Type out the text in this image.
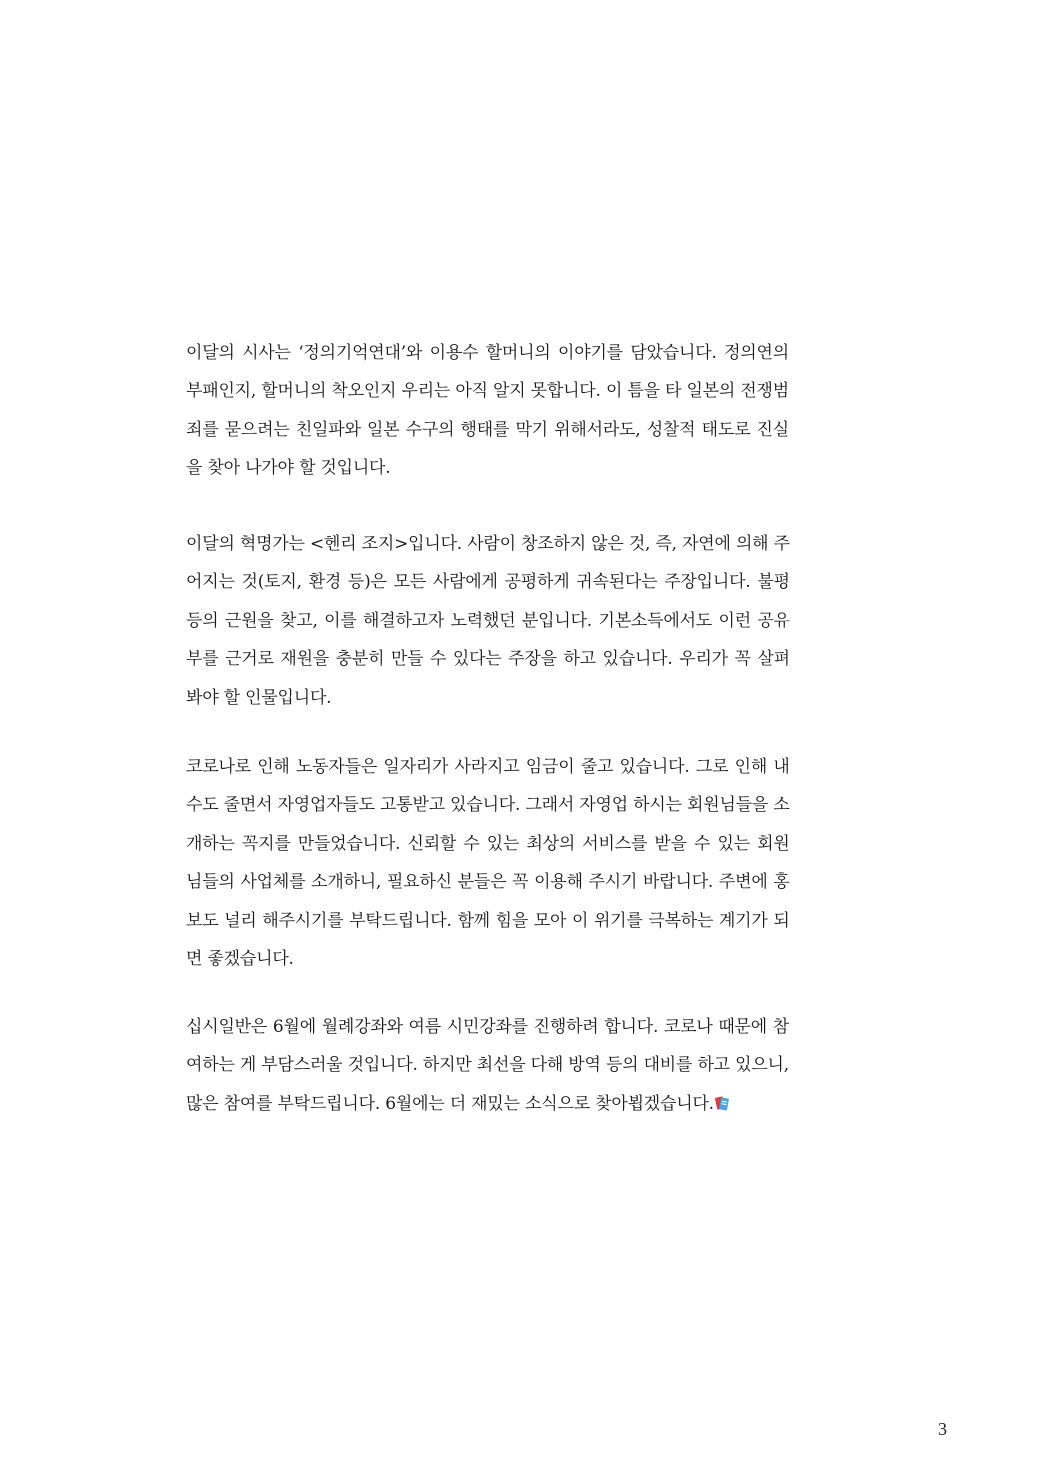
이달의 시사는 ‘정의기억연대’와 이용수 할머니의 이야기를 담았습니다. 정의연의
부패인지, 할머니의 착오인지 우리는 아직 알지 못합니다. 이 틈을 타 일본의 전쟁범
죄를 묻으려는 친일파와 일본 수구의 행태를 막기 위해서라도, 성찰적 태도로 진실
을 찾아 나가야 할 것입니다.

이달의 혁명가는 <헨리 조지>입니다. 사람이 창조하지 않은 것, 즉, 자연에 의해 주
어지는 것(토지, 환경 등)은 모든 사람에게 공평하게 귀속된다는 주장입니다. 불평
등의 근원을 찾고, 이를 해결하고자 노력했던 분입니다. 기본소득에서도 이런 공유
부를 근거로 재원을 충분히 만들 수 있다는 주장을 하고 있습니다. 우리가 꼭 살펴
봐야 할 인물입니다.

코로나로 인해 노동자들은 일자리가 사라지고 임금이 줄고 있습니다. 그로 인해 내
수도 줄면서 자영업자들도 고통받고 있습니다. 그래서 자영업 하시는 회원님들을 소
개하는 꼭지를 만들었습니다. 신뢰할 수 있는 최상의 서비스를 받을 수 있는 회원
님들의 사업체를 소개하니, 필요하신 분들은 꼭 이용해 주시기 바랍니다. 주변에 홍
보도 널리 해주시기를 부탁드립니다. 함께 힘을 모아 이 위기를 극복하는 계기가 되
면 좋겠습니다.

십시일반은 6월에 월례강좌와 여름 시민강좌를 진행하려 합니다. 코로나 때문에 참
여하는 게 부담스러울 것입니다. 하지만 최선을 다해 방역 등의 대비를 하고 있으니,
많은 참여를 부탁드립니다. 6월에는 더 재밌는 소식으로 찾아뵙겠습니다.

3
